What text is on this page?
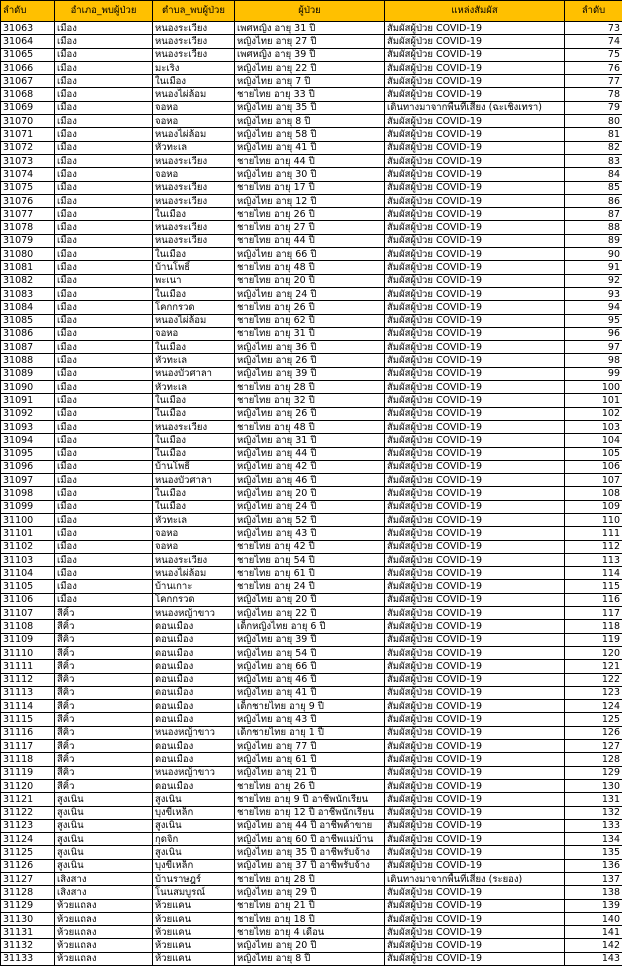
ลำดับ	อำเภอ_พบผู้ป่วย	ตำบล_พบผู้ป่วย	ผู้ป่วย	แหล่งสัมผัส	ลำดับ
31063	เมือง	หนองระเวียง	เพศหญิง อายุ 31 ปี	สัมผัสผู้ป่วย COVID-19	73
31064	เมือง	หนองระเวียง	หญิงไทย อายุ 27 ปี	สัมผัสผู้ป่วย COVID-19	74
31065	เมือง	หนองระเวียง	เพศหญิง อายุ 39 ปี	สัมผัสผู้ป่วย COVID-19	75
31066	เมือง	มะเริง	หญิงไทย อายุ 22 ปี	สัมผัสผู้ป่วย COVID-19	76
31067	เมือง	ในเมือง	หญิงไทย อายุ 7 ปี	สัมผัสผู้ป่วย COVID-19	77
31068	เมือง	หนองไผ่ล้อม	ชายไทย อายุ 33 ปี	สัมผัสผู้ป่วย COVID-19	78
31069	เมือง	จอหอ	หญิงไทย อายุ 35 ปี	เดินทางมาจากพื้นที่เสี่ยง (ฉะเชิงเทรา)	79
31070	เมือง	จอหอ	หญิงไทย อายุ 8 ปี	สัมผัสผู้ป่วย COVID-19	80
31071	เมือง	หนองไผ่ล้อม	หญิงไทย อายุ 58 ปี	สัมผัสผู้ป่วย COVID-19	81
31072	เมือง	หัวทะเล	หญิงไทย อายุ 41 ปี	สัมผัสผู้ป่วย COVID-19	82
31073	เมือง	หนองระเวียง	ชายไทย อายุ 44 ปี	สัมผัสผู้ป่วย COVID-19	83
31074	เมือง	จอหอ	หญิงไทย อายุ 30 ปี	สัมผัสผู้ป่วย COVID-19	84
31075	เมือง	หนองระเวียง	ชายไทย อายุ 17 ปี	สัมผัสผู้ป่วย COVID-19	85
31076	เมือง	หนองระเวียง	หญิงไทย อายุ 12 ปี	สัมผัสผู้ป่วย COVID-19	86
31077	เมือง	ในเมือง	ชายไทย อายุ 26 ปี	สัมผัสผู้ป่วย COVID-19	87
31078	เมือง	หนองระเวียง	ชายไทย อายุ 27 ปี	สัมผัสผู้ป่วย COVID-19	88
31079	เมือง	หนองระเวียง	ชายไทย อายุ 44 ปี	สัมผัสผู้ป่วย COVID-19	89
31080	เมือง	ในเมือง	หญิงไทย อายุ 66 ปี	สัมผัสผู้ป่วย COVID-19	90
31081	เมือง	บ้านโพธิ์	ชายไทย อายุ 48 ปี	สัมผัสผู้ป่วย COVID-19	91
31082	เมือง	พะเนา	ชายไทย อายุ 20 ปี	สัมผัสผู้ป่วย COVID-19	92
31083	เมือง	ในเมือง	หญิงไทย อายุ 24 ปี	สัมผัสผู้ป่วย COVID-19	93
31084	เมือง	โคกกรวด	ชายไทย อายุ 26 ปี	สัมผัสผู้ป่วย COVID-19	94
31085	เมือง	หนองไผ่ล้อม	ชายไทย อายุ 62 ปี	สัมผัสผู้ป่วย COVID-19	95
31086	เมือง	จอหอ	ชายไทย อายุ 31 ปี	สัมผัสผู้ป่วย COVID-19	96
31087	เมือง	ในเมือง	หญิงไทย อายุ 36 ปี	สัมผัสผู้ป่วย COVID-19	97
31088	เมือง	หัวทะเล	หญิงไทย อายุ 26 ปี	สัมผัสผู้ป่วย COVID-19	98
31089	เมือง	หนองบัวศาลา	หญิงไทย อายุ 39 ปี	สัมผัสผู้ป่วย COVID-19	99
31090	เมือง	หัวทะเล	ชายไทย อายุ 28 ปี	สัมผัสผู้ป่วย COVID-19	100
31091	เมือง	ในเมือง	ชายไทย อายุ 32 ปี	สัมผัสผู้ป่วย COVID-19	101
31092	เมือง	ในเมือง	หญิงไทย อายุ 26 ปี	สัมผัสผู้ป่วย COVID-19	102
31093	เมือง	หนองระเวียง	ชายไทย อายุ 48 ปี	สัมผัสผู้ป่วย COVID-19	103
31094	เมือง	ในเมือง	หญิงไทย อายุ 31 ปี	สัมผัสผู้ป่วย COVID-19	104
31095	เมือง	ในเมือง	หญิงไทย อายุ 44 ปี	สัมผัสผู้ป่วย COVID-19	105
31096	เมือง	บ้านโพธิ์	หญิงไทย อายุ 42 ปี	สัมผัสผู้ป่วย COVID-19	106
31097	เมือง	หนองบัวศาลา	หญิงไทย อายุ 46 ปี	สัมผัสผู้ป่วย COVID-19	107
31098	เมือง	ในเมือง	หญิงไทย อายุ 20 ปี	สัมผัสผู้ป่วย COVID-19	108
31099	เมือง	ในเมือง	หญิงไทย อายุ 24 ปี	สัมผัสผู้ป่วย COVID-19	109
31100	เมือง	หัวทะเล	หญิงไทย อายุ 52 ปี	สัมผัสผู้ป่วย COVID-19	110
31101	เมือง	จอหอ	หญิงไทย อายุ 43 ปี	สัมผัสผู้ป่วย COVID-19	111
31102	เมือง	จอหอ	ชายไทย อายุ 42 ปี	สัมผัสผู้ป่วย COVID-19	112
31103	เมือง	หนองระเวียง	ชายไทย อายุ 54 ปี	สัมผัสผู้ป่วย COVID-19	113
31104	เมือง	หนองไผ่ล้อม	ชายไทย อายุ 61 ปี	สัมผัสผู้ป่วย COVID-19	114
31105	เมือง	บ้านเกาะ	ชายไทย อายุ 24 ปี	สัมผัสผู้ป่วย COVID-19	115
31106	เมือง	โคกกรวด	หญิงไทย อายุ 20 ปี	สัมผัสผู้ป่วย COVID-19	116
31107	สีคิ้ว	หนองหญ้าขาว	หญิงไทย อายุ 22 ปี	สัมผัสผู้ป่วย COVID-19	117
31108	สีคิ้ว	ดอนเมือง	เด็กหญิงไทย อายุ 6 ปี	สัมผัสผู้ป่วย COVID-19	118
31109	สีคิ้ว	ดอนเมือง	หญิงไทย อายุ 39 ปี	สัมผัสผู้ป่วย COVID-19	119
31110	สีคิ้ว	ดอนเมือง	หญิงไทย อายุ 54 ปี	สัมผัสผู้ป่วย COVID-19	120
31111	สีคิ้ว	ดอนเมือง	หญิงไทย อายุ 66 ปี	สัมผัสผู้ป่วย COVID-19	121
31112	สีคิ้ว	ดอนเมือง	หญิงไทย อายุ 46 ปี	สัมผัสผู้ป่วย COVID-19	122
31113	สีคิ้ว	ดอนเมือง	หญิงไทย อายุ 41 ปี	สัมผัสผู้ป่วย COVID-19	123
31114	สีคิ้ว	ดอนเมือง	เด็กชายไทย อายุ 9 ปี	สัมผัสผู้ป่วย COVID-19	124
31115	สีคิ้ว	ดอนเมือง	หญิงไทย อายุ 43 ปี	สัมผัสผู้ป่วย COVID-19	125
31116	สีคิ้ว	หนองหญ้าขาว	เด็กชายไทย อายุ 1 ปี	สัมผัสผู้ป่วย COVID-19	126
31117	สีคิ้ว	ดอนเมือง	หญิงไทย อายุ 77 ปี	สัมผัสผู้ป่วย COVID-19	127
31118	สีคิ้ว	ดอนเมือง	หญิงไทย อายุ 61 ปี	สัมผัสผู้ป่วย COVID-19	128
31119	สีคิ้ว	หนองหญ้าขาว	หญิงไทย อายุ 21 ปี	สัมผัสผู้ป่วย COVID-19	129
31120	สีคิ้ว	ดอนเมือง	ชายไทย อายุ 26 ปี	สัมผัสผู้ป่วย COVID-19	130
31121	สูงเนิน	สูงเนิน	ชายไทย อายุ 9 ปี อาชีพนักเรียน	สัมผัสผู้ป่วย COVID-19	131
31122	สูงเนิน	บุงขี้เหล็ก	ชายไทย อายุ 12 ปี อาชีพนักเรียน	สัมผัสผู้ป่วย COVID-19	132
31123	สูงเนิน	สูงเนิน	หญิงไทย อายุ 44 ปี อาชีพค้าขาย	สัมผัสผู้ป่วย COVID-19	133
31124	สูงเนิน	กุดจิก	หญิงไทย อายุ 60 ปี อาชีพแม่บ้าน	สัมผัสผู้ป่วย COVID-19	134
31125	สูงเนิน	สูงเนิน	หญิงไทย อายุ 35 ปี อาชีพรับจ้าง	สัมผัสผู้ป่วย COVID-19	135
31126	สูงเนิน	บุงขี้เหล็ก	หญิงไทย อายุ 37 ปี อาชีพรับจ้าง	สัมผัสผู้ป่วย COVID-19	136
31127	เสิงสาง	บ้านราษฎร์	ชายไทย อายุ 28 ปี	เดินทางมาจากพื้นที่เสี่ยง (ระยอง)	137
31128	เสิงสาง	โนนสมบูรณ์	หญิงไทย อายุ 29 ปี	สัมผัสผู้ป่วย COVID-19	138
31129	ห้วยแถลง	ห้วยแคน	ชายไทย อายุ 21 ปี	สัมผัสผู้ป่วย COVID-19	139
31130	ห้วยแถลง	ห้วยแคน	ชายไทย อายุ 18 ปี	สัมผัสผู้ป่วย COVID-19	140
31131	ห้วยแถลง	ห้วยแคน	ชายไทย อายุ 4 เดือน	สัมผัสผู้ป่วย COVID-19	141
31132	ห้วยแถลง	ห้วยแคน	หญิงไทย อายุ 20 ปี	สัมผัสผู้ป่วย COVID-19	142
31133	ห้วยแถลง	ห้วยแคน	หญิงไทย อายุ 8 ปี	สัมผัสผู้ป่วย COVID-19	143
